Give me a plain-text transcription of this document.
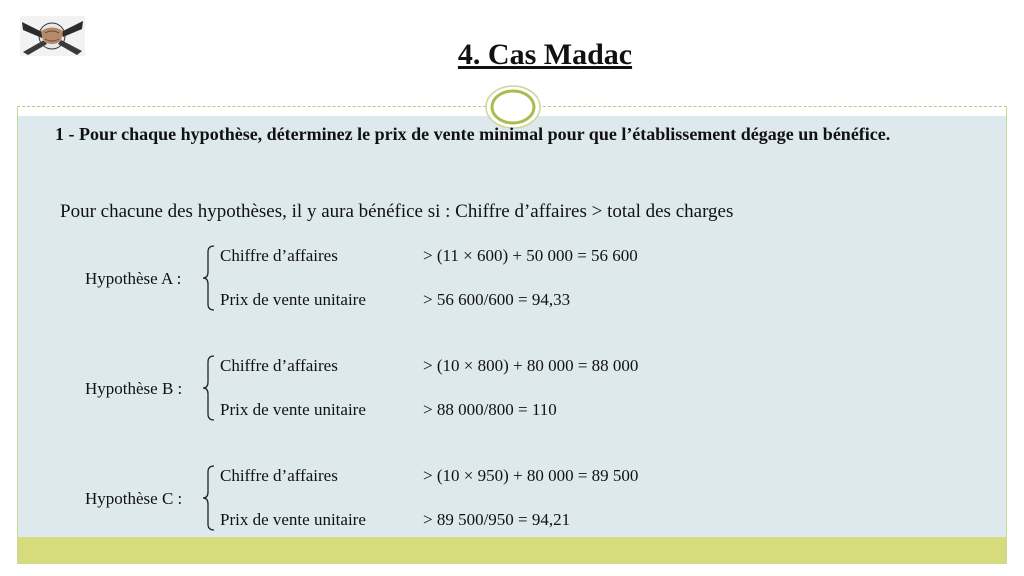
4. Cas Madac
1 - Pour chaque hypothèse, déterminez le prix de vente minimal pour que l’établissement dégage un bénéfice.
Pour chacune des hypothèses, il y aura bénéfice si : Chiffre d’affaires > total des charges
Hypothèse A :
Chiffre d’affaires	> (11 × 600) + 50 000 = 56 600
Prix de vente unitaire	> 56 600/600 = 94,33
Hypothèse B :
Chiffre d’affaires	> (10 × 800) + 80 000 = 88 000
Prix de vente unitaire	> 88 000/800 = 110
Hypothèse C :
Chiffre d’affaires	> (10 × 950) + 80 000 = 89 500
Prix de vente unitaire	> 89 500/950 = 94,21
